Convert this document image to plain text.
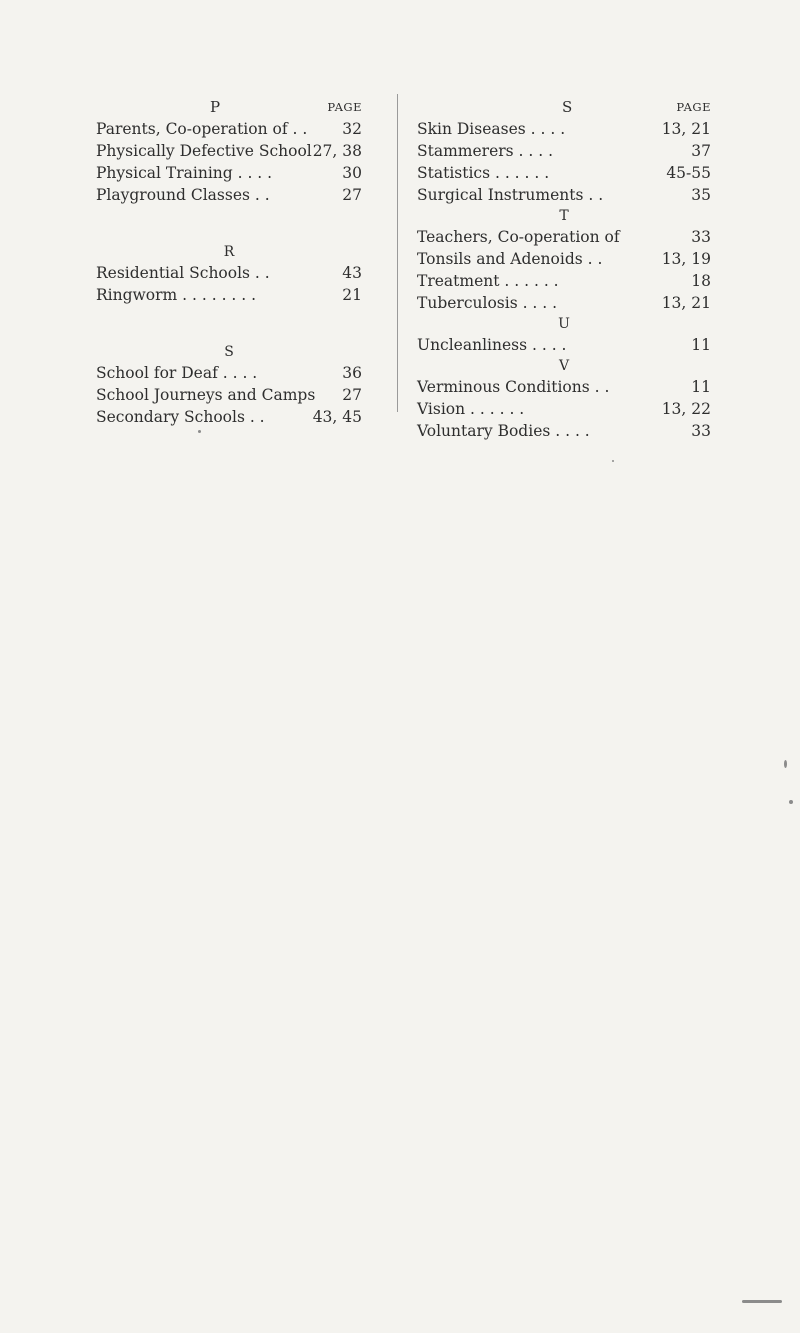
P	PAGE
Parents, Co-operation of . . 32
Physically Defective School 27, 38
Physical Training . . . .	30
Playground Classes . .	27
R
Residential Schools . .	43
Ringworm . . . . . . . .	21
S
School for Deaf . . . .	36
School Journeys and Camps 27
Secondary Schools . .	43, 45
S	PAGE
Skin Diseases . . . .	13, 21
Stammerers . . . .	37
Statistics . . . . . .	45-55
Surgical Instruments . .	35
T
Teachers, Co-operation of	33
Tonsils and Adenoids . .	13, 19
Treatment . . . . . .	18
Tuberculosis . . . .	13, 21
U
Uncleanliness . . . .	11
V
Verminous Conditions . .	11
Vision . . . . . .	13, 22
Voluntary Bodies . . . .	33
